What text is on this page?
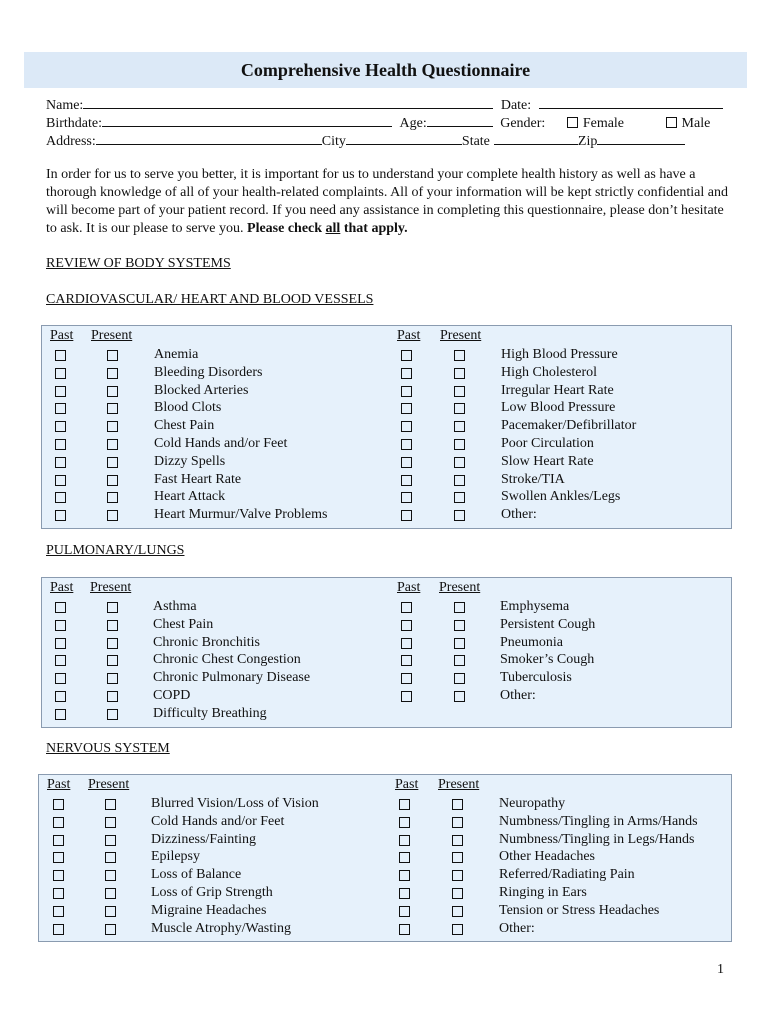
Comprehensive Health Questionnaire
Name:	Date:
Birthdate:	Age:	Gender:	Female	Male
Address:	City	State	Zip
In order for us to serve you better, it is important for us to understand your complete health history as well as have a thorough knowledge of all of your health-related complaints. All of your information will be kept strictly confidential and will become part of your patient record. If you need any assistance in completing this questionnaire, please don’t hesitate to ask. It is our please to serve you. Please check all that apply.
REVIEW OF BODY SYSTEMS
CARDIOVASCULAR/ HEART AND BLOOD VESSELS
Past Present	Past Present
Anemia	High Blood Pressure
Bleeding Disorders	High Cholesterol
Blocked Arteries	Irregular Heart Rate
Blood Clots	Low Blood Pressure
Chest Pain	Pacemaker/Defibrillator
Cold Hands and/or Feet	Poor Circulation
Dizzy Spells	Slow Heart Rate
Fast Heart Rate	Stroke/TIA
Heart Attack	Swollen Ankles/Legs
Heart Murmur/Valve Problems	Other:
PULMONARY/LUNGS
Past Present	Past Present
Asthma	Emphysema
Chest Pain	Persistent Cough
Chronic Bronchitis	Pneumonia
Chronic Chest Congestion	Smoker’s Cough
Chronic Pulmonary Disease	Tuberculosis
COPD	Other:
Difficulty Breathing
NERVOUS SYSTEM
Past Present	Past Present
Blurred Vision/Loss of Vision	Neuropathy
Cold Hands and/or Feet	Numbness/Tingling in Arms/Hands
Dizziness/Fainting	Numbness/Tingling in Legs/Hands
Epilepsy	Other Headaches
Loss of Balance	Referred/Radiating Pain
Loss of Grip Strength	Ringing in Ears
Migraine Headaches	Tension or Stress Headaches
Muscle Atrophy/Wasting	Other:
1
